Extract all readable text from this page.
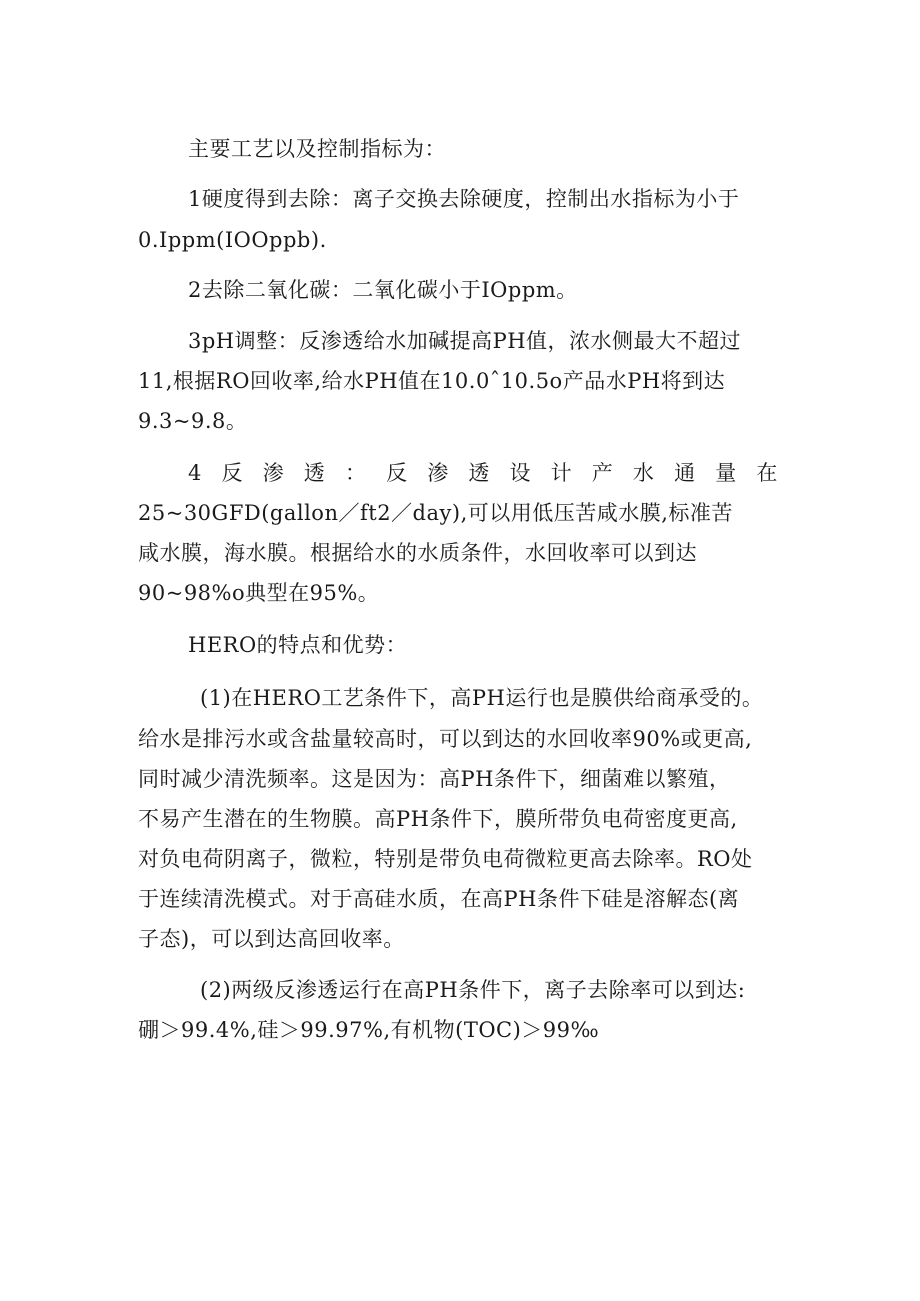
主要工艺以及控制指标为：
1硬度得到去除：离子交换去除硬度，控制出水指标为小于
0.Ippm(IOOppb).
2去除二氧化碳：二氧化碳小于IOppm。
3pH调整：反渗透给水加碱提高PH值，浓水侧最大不超过
11,根据RO回收率,给水PH值在10.0ˆ10.5o产品水PH将到达
9.3~9.8。
4 反 渗 透 ： 反 渗 透 设 计 产 水 通 量 在
25~30GFD(gallon／ft2／day),可以用低压苦咸水膜,标准苦
咸水膜，海水膜。根据给水的水质条件，水回收率可以到达
90~98%o典型在95%。
HERO的特点和优势：
(1)在HERO工艺条件下，高PH运行也是膜供给商承受的。
给水是排污水或含盐量较高时，可以到达的水回收率90%或更高,
同时减少清洗频率。这是因为：高PH条件下，细菌难以繁殖，
不易产生潜在的生物膜。高PH条件下，膜所带负电荷密度更高,
对负电荷阴离子，微粒，特别是带负电荷微粒更高去除率。RO处
于连续清洗模式。对于高硅水质，在高PH条件下硅是溶解态(离
子态)，可以到达高回收率。
(2)两级反渗透运行在高PH条件下，离子去除率可以到达:
硼＞99.4%,硅＞99.97%,有机物(TOC)＞99‰
